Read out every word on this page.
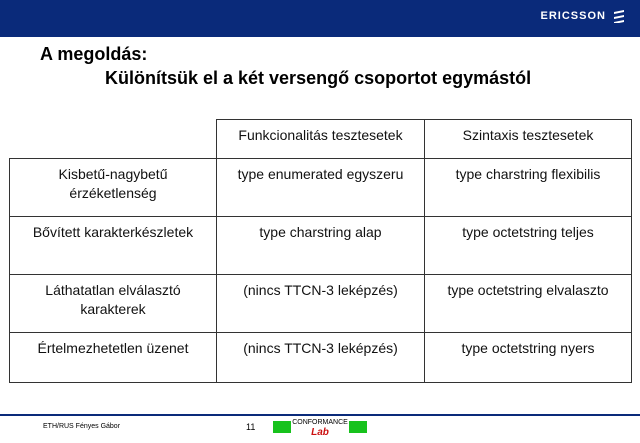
ERICSSON
A megoldás:
Különítsük el a két versengő csoportot egymástól
	Funkcionalitás tesztesetek	Szintaxis tesztesetek
Kisbetű-nagybetű érzéketlenség	type enumerated egyszeru	type charstring flexibilis
Bővített karakterkészletek	type charstring alap	type octetstring teljes
Láthatatlan elválasztó karakterek	(nincs TTCN-3 leképzés)	type octetstring elvalaszto
Értelmezhetetlen üzenet	(nincs TTCN-3 leképzés)	type octetstring nyers
ETH/RUS Fényes Gábor	11	CONFORMANCE
Lab
